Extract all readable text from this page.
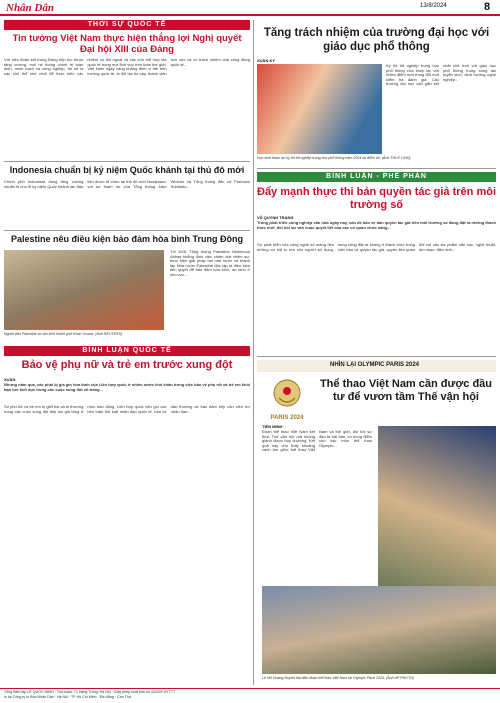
Nhân Dân	13/8/2024	8
THỜI SỰ QUỐC TẾ
Tin tưởng Việt Nam thực hiện thắng lợi Nghị quyết Đại hội XIII của Đảng
Với việc đoàn kết trong Đảng tiếp tục được tăng cường, mối hệ thống chính trị toàn diện, minh bạch và công nghiệp, đó sẽ là các chủ thể chủ chốt để thực hiện các nhiệm vụ đối ngoại và các chủ thể hợp tác quốc tế trong mọi lĩnh vực trên toàn thế giới. Việt Nam ngày càng khẳng định vị thế trên trường quốc tế, là đối tác tin cậy, thành viên tích cực và có trách nhiệm của cộng đồng quốc tế...
Indonesia chuẩn bị kỷ niệm Quốc khánh tại thủ đô mới
Chính phủ Indonesia đang tăng cường chuẩn bị cho lễ kỷ niệm Quốc khánh lần đầu tiên được tổ chức tại thủ đô mới Nusantara, với sự tham dự của Tổng thống Joko Widodo và Tổng thống đắc cử Prabowo Subianto...
Palestine nêu điều kiện bảo đảm hòa bình Trung Đông
Người dân Palestine sơ tán khỏi thành phố Khan Younis. (Ảnh REUTERS)
Tối 10/8, Tổng thống Palestine Mahmoud Abbas khẳng định việc chấm dứt chiến sự, thực hiện giải pháp hai nhà nước và thành lập Nhà nước Palestine độc lập là điều kiện tiên quyết để bảo đảm hòa bình, an ninh ở khu vực...
BÌNH LUẬN QUỐC TẾ
Bảo vệ phụ nữ và trẻ em trước xung đột
XUÂN
Nhưng năm qua, các phái bị gia gìn hòa bình của Liên hợp quốc ở nhiều nước khó khăn trong việc bảo vệ phụ nữ và trẻ em khỏi bạo lực tình dục trong các cuộc xung đột vũ trang...
Số phụ nữ và trẻ em bị giết hại và bị thương trong các cuộc xung đột tiếp tục gia tăng ở mức báo động. Liên hợp quốc kêu gọi các bên tuân thủ luật nhân đạo quốc tế, bảo vệ dân thường và bảo đảm tiếp cận viện trợ nhân đạo...
Tăng trách nhiệm của trường đại học với giáo dục phổ thông
XUÂN KỲ
Kỳ thi tốt nghiệp trung học phổ thông vừa khép lại, với nhiều điểm mới trong đổi mới kiểm tra đánh giá. Các trường đại học cần gắn kết chặt chẽ hơn với giáo dục phổ thông trong công tác tuyển sinh, định hướng nghề nghiệp...
Học sinh tham dự kỳ thi tốt nghiệp trung học phổ thông năm 2024 tại điểm thi. (Ảnh THUỲ LINH)
BÌNH LUẬN - PHÊ PHÁN
Đẩy mạnh thực thi bản quyền tác giả trên môi trường số
VŨ QUỲNH TRANG
Trong phát triển công nghiệp văn hóa ngày nay, vấn đề bảo vệ bản quyền tác giả trên môi trường số đang đặt ra những thách thức mới, đòi hỏi sự vào cuộc quyết liệt của các cơ quan chức năng...
Sự phát triển của công nghệ số mang đến những cơ hội to lớn cho người sử dụng, song cũng đặt ra không ít thách thức trong việc bảo vệ quyền tác giả, quyền liên quan đối với các tác phẩm văn học, nghệ thuật, âm nhạc, điện ảnh...
NHÌN LẠI OLYMPIC PARIS 2024
PARIS 2024
Thể thao Việt Nam cần được đầu tư để vươn tầm Thế vận hội
TIẾN MINH
Đoàn thể thao Việt Nam kết thúc Thế vận hội mà không giành được huy chương. Kết quả này cho thấy khoảng cách lớn giữa thể thao Việt Nam và thế giới, đòi hỏi sự đầu tư bài bản, có trọng điểm cho các môn thể thao Olympic...
Lê Nữ Hoàng Duyên đại diện đoàn thể thao Việt Nam tại Olympic Paris 2024. (Ảnh AP PHOTO)
Tổng Biên tập LÊ QUỐC MINH · Tòa soạn: 71 Hàng Trống, Hà Nội · Giấy phép xuất bản số 434/GP-BTTTT
In tại Công ty In Báo Nhân Dân · Hà Nội · TP Hồ Chí Minh · Đà Nẵng · Cần Thơ
